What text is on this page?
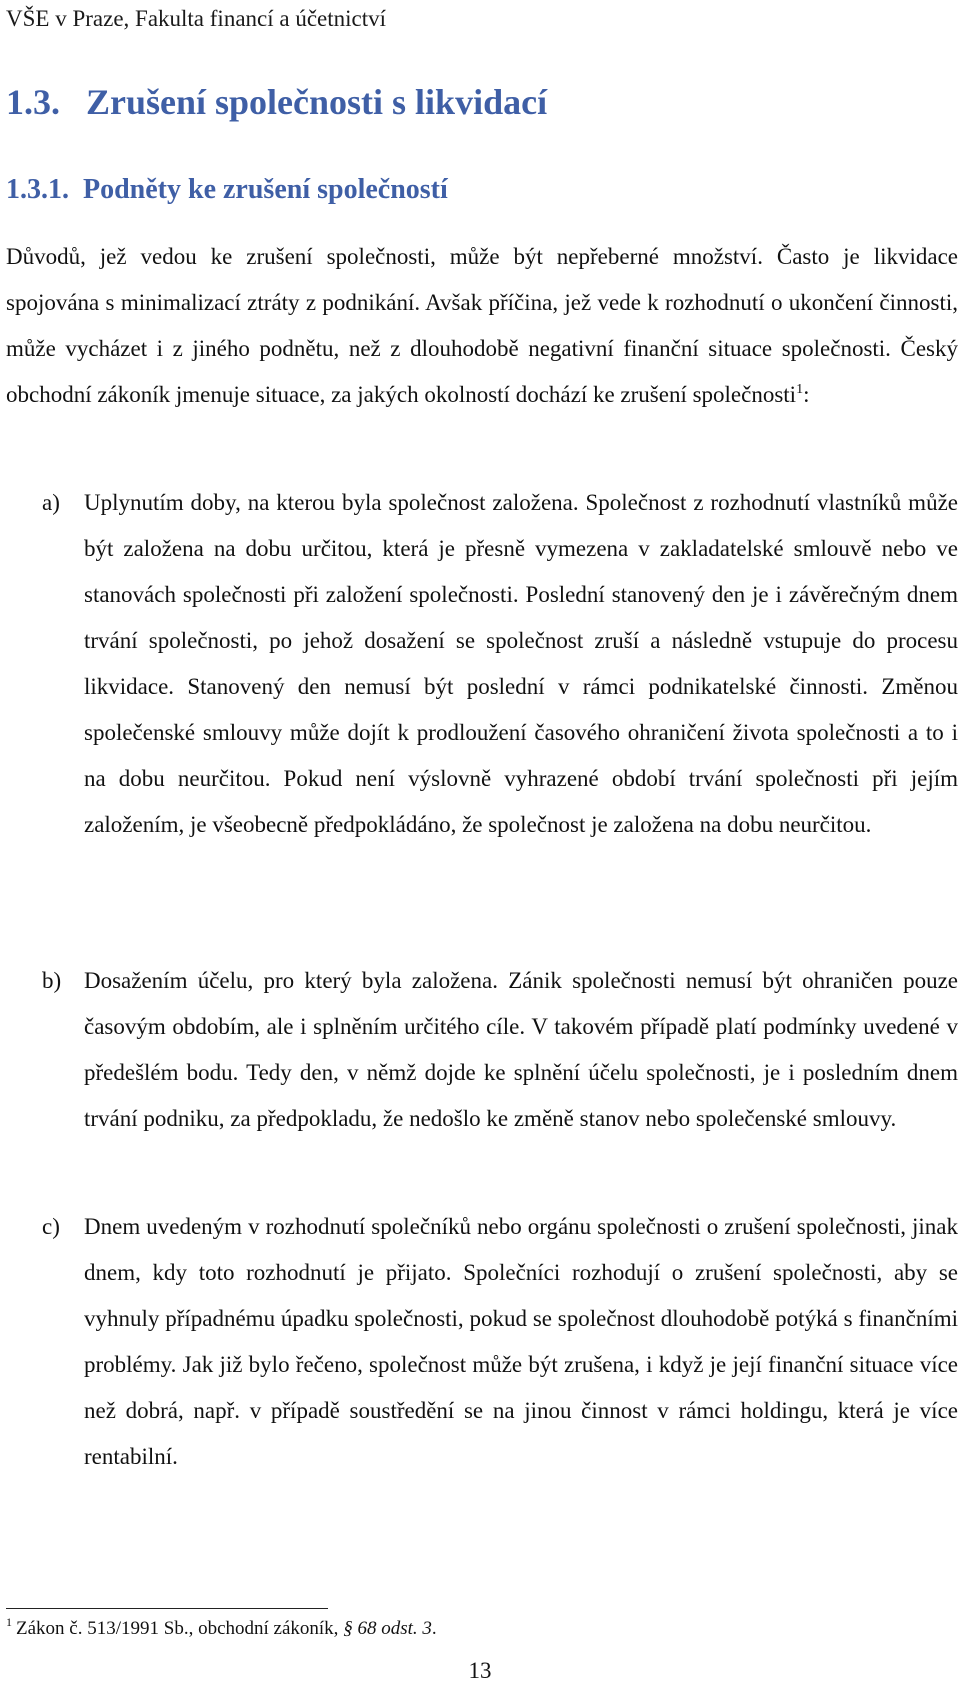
VŠE v Praze, Fakulta financí a účetnictví
1.3. Zrušení společnosti s likvidací
1.3.1. Podněty ke zrušení společností
Důvodů, jež vedou ke zrušení společnosti, může být nepřeberné množství. Často je likvidace spojována s minimalizací ztráty z podnikání. Avšak příčina, jež vede k rozhodnutí o ukončení činnosti, může vycházet i z jiného podnětu, než z dlouhodobě negativní finanční situace společnosti. Český obchodní zákoník jmenuje situace, za jakých okolností dochází ke zrušení společnosti$^1$:
a) Uplynutím doby, na kterou byla společnost založena. Společnost z rozhodnutí vlastníků může být založena na dobu určitou, která je přesně vymezena v zakladatelské smlouvě nebo ve stanovách společnosti při založení společnosti. Poslední stanovený den je i závěrečným dnem trvání společnosti, po jehož dosažení se společnost zruší a následně vstupuje do procesu likvidace. Stanovený den nemusí být poslední v rámci podnikatelské činnosti. Změnou společenské smlouvy může dojít k prodloužení časového ohraničení života společnosti a to i na dobu neurčitou. Pokud není výslovně vyhrazené období trvání společnosti při jejím založením, je všeobecně předpokládáno, že společnost je založena na dobu neurčitou.
b) Dosažením účelu, pro který byla založena. Zánik společnosti nemusí být ohraničen pouze časovým obdobím, ale i splněním určitého cíle. V takovém případě platí podmínky uvedené v předešlém bodu. Tedy den, v němž dojde ke splnění účelu společnosti, je i posledním dnem trvání podniku, za předpokladu, že nedošlo ke změně stanov nebo společenské smlouvy.
c) Dnem uvedeným v rozhodnutí společníků nebo orgánu společnosti o zrušení společnosti, jinak dnem, kdy toto rozhodnutí je přijato. Společníci rozhodují o zrušení společnosti, aby se vyhnuly případnému úpadku společnosti, pokud se společnost dlouhodobě potýká s finančními problémy. Jak již bylo řečeno, společnost může být zrušena, i když je její finanční situace více než dobrá, např. v případě soustředění se na jinou činnost v rámci holdingu, která je více rentabilní.
$^1$ Zákon č. 513/1991 Sb., obchodní zákoník, § 68 odst. 3.
13
